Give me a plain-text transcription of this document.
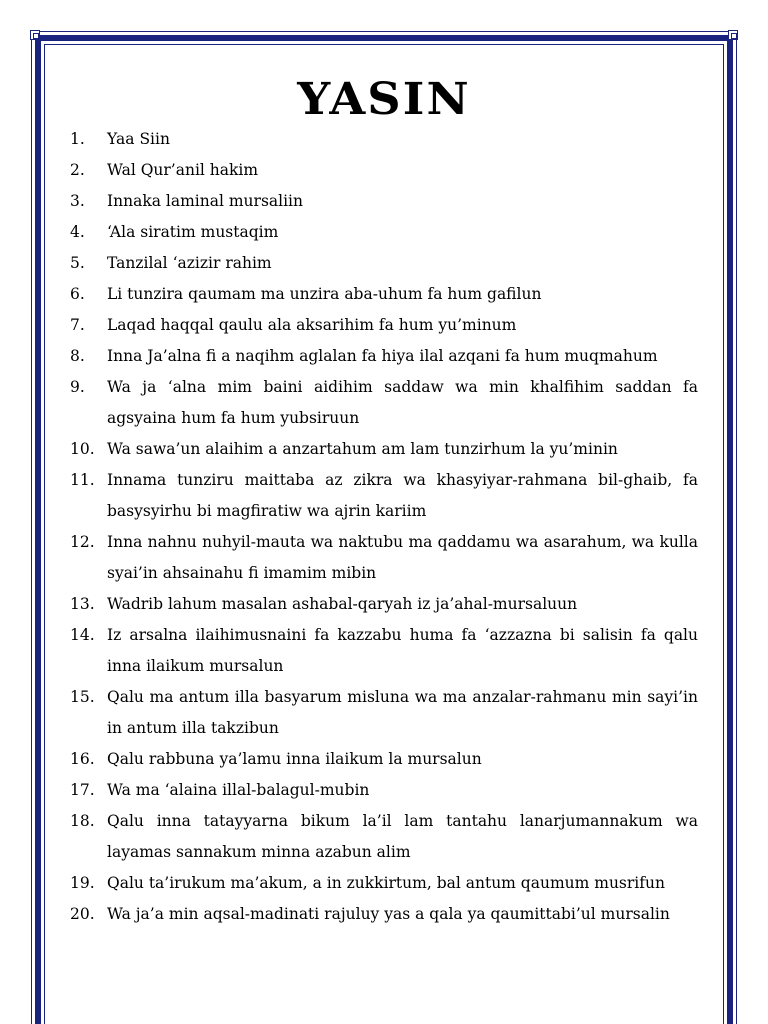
YASIN
1.	Yaa Siin
2.	Wal Qur’anil hakim
3.	Innaka laminal mursaliin
4.	‘Ala siratim mustaqim
5.	Tanzilal ‘azizir rahim
6.	Li tunzira qaumam ma unzira aba-uhum fa hum gafilun
7.	Laqad haqqal qaulu ala aksarihim fa hum yu’minum
8.	Inna Ja’alna fi a naqihm aglalan fa hiya ilal azqani fa hum muqmahum
9.	Wa ja ‘alna mim baini aidihim saddaw wa min khalfihim saddan fa agsyaina hum fa hum yubsiruun
10. Wa sawa’un alaihim a anzartahum am lam tunzirhum la yu’minin
11. Innama tunziru maittaba az zikra wa khasyiyar-rahmana bil-ghaib, fa basysyirhu bi magfiratiw wa ajrin kariim
12. Inna nahnu nuhyil-mauta wa naktubu ma qaddamu wa asarahum, wa kulla syai’in ahsainahu fi imamim mibin
13. Wadrib lahum masalan ashabal-qaryah iz ja’ahal-mursaluun
14. Iz arsalna ilaihimusnaini fa kazzabu huma fa ‘azzazna bi salisin fa qalu inna ilaikum mursalun
15. Qalu ma antum illa basyarum misluna wa ma anzalar-rahmanu min sayi’in in antum illa takzibun
16. Qalu rabbuna ya’lamu inna ilaikum la mursalun
17. Wa ma ‘alaina illal-balagul-mubin
18. Qalu inna tatayyarna bikum la’il lam tantahu lanarjumannakum wa layamas sannakum minna azabun alim
19. Qalu ta’irukum ma’akum, a in zukkirtum, bal antum qaumum musrifun
20. Wa ja’a min aqsal-madinati rajuluy yas a qala ya qaumittabi’ul mursalin
